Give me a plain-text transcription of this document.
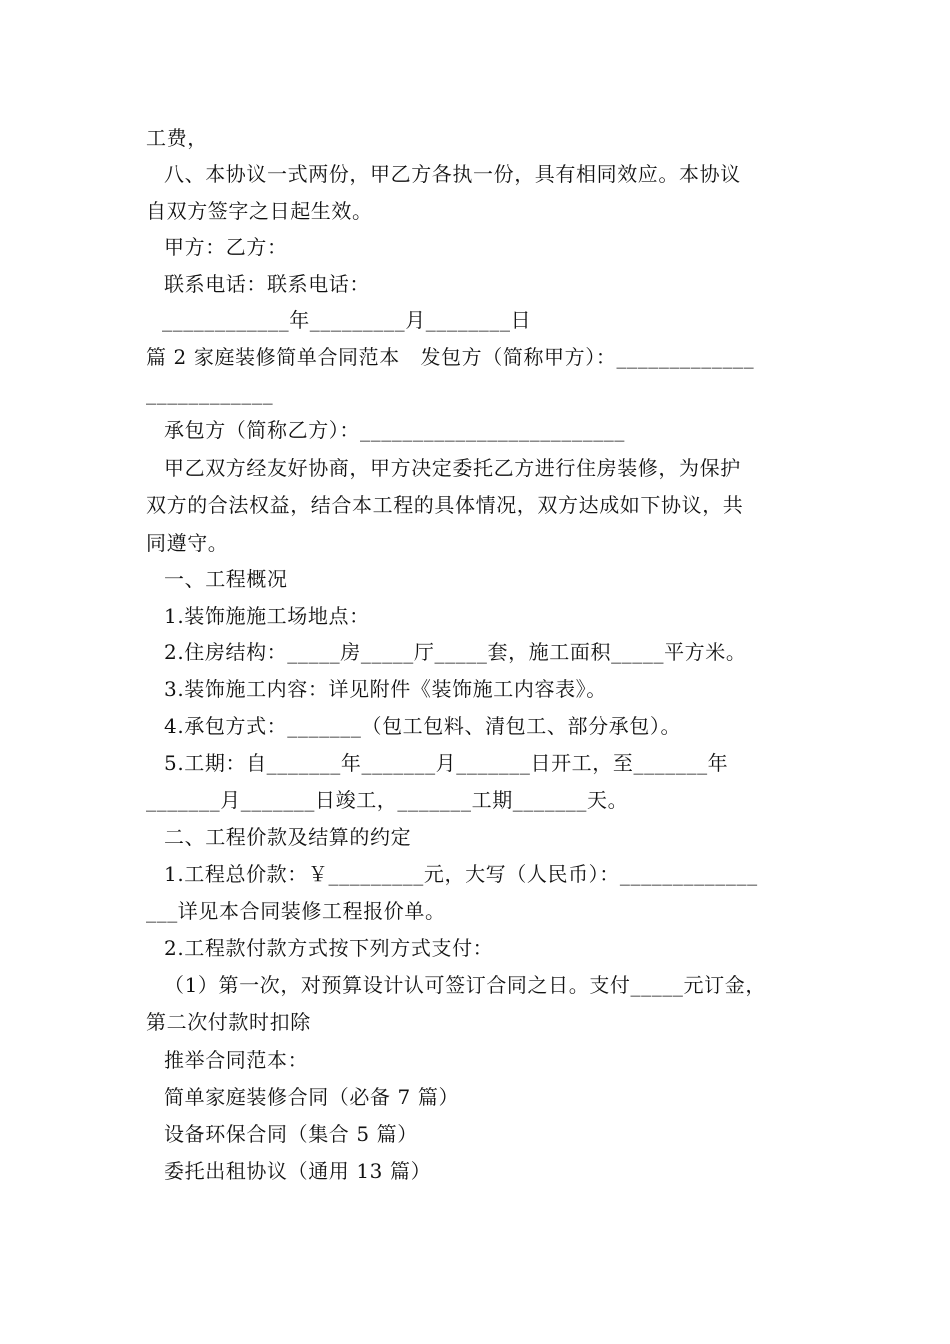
工费，
八、本协议一式两份，甲乙方各执一份，具有相同效应。本协议
自双方签字之日起生效。
甲方：乙方：
联系电话：联系电话：
____________年_________月________日
篇 2 家庭装修简单合同范本　发包方（简称甲方）：_____________
____________
承包方（简称乙方）：_________________________
甲乙双方经友好协商，甲方决定委托乙方进行住房装修，为保护
双方的合法权益，结合本工程的具体情况，双方达成如下协议，共
同遵守。
一、工程概况
1.装饰施施工场地点：
2.住房结构：_____房_____厅_____套，施工面积_____平方米。
3.装饰施工内容：详见附件《装饰施工内容表》。
4.承包方式：_______（包工包料、清包工、部分承包）。
5.工期：自_______年_______月_______日开工，至_______年
_______月_______日竣工，_______工期_______天。
二、工程价款及结算的约定
1.工程总价款：￥_________元，大写（人民币）：_____________
___详见本合同装修工程报价单。
2.工程款付款方式按下列方式支付：
（1）第一次，对预算设计认可签订合同之日。支付_____元订金，
第二次付款时扣除
推举合同范本：
简单家庭装修合同（必备 7 篇）
设备环保合同（集合 5 篇）
委托出租协议（通用 13 篇）
